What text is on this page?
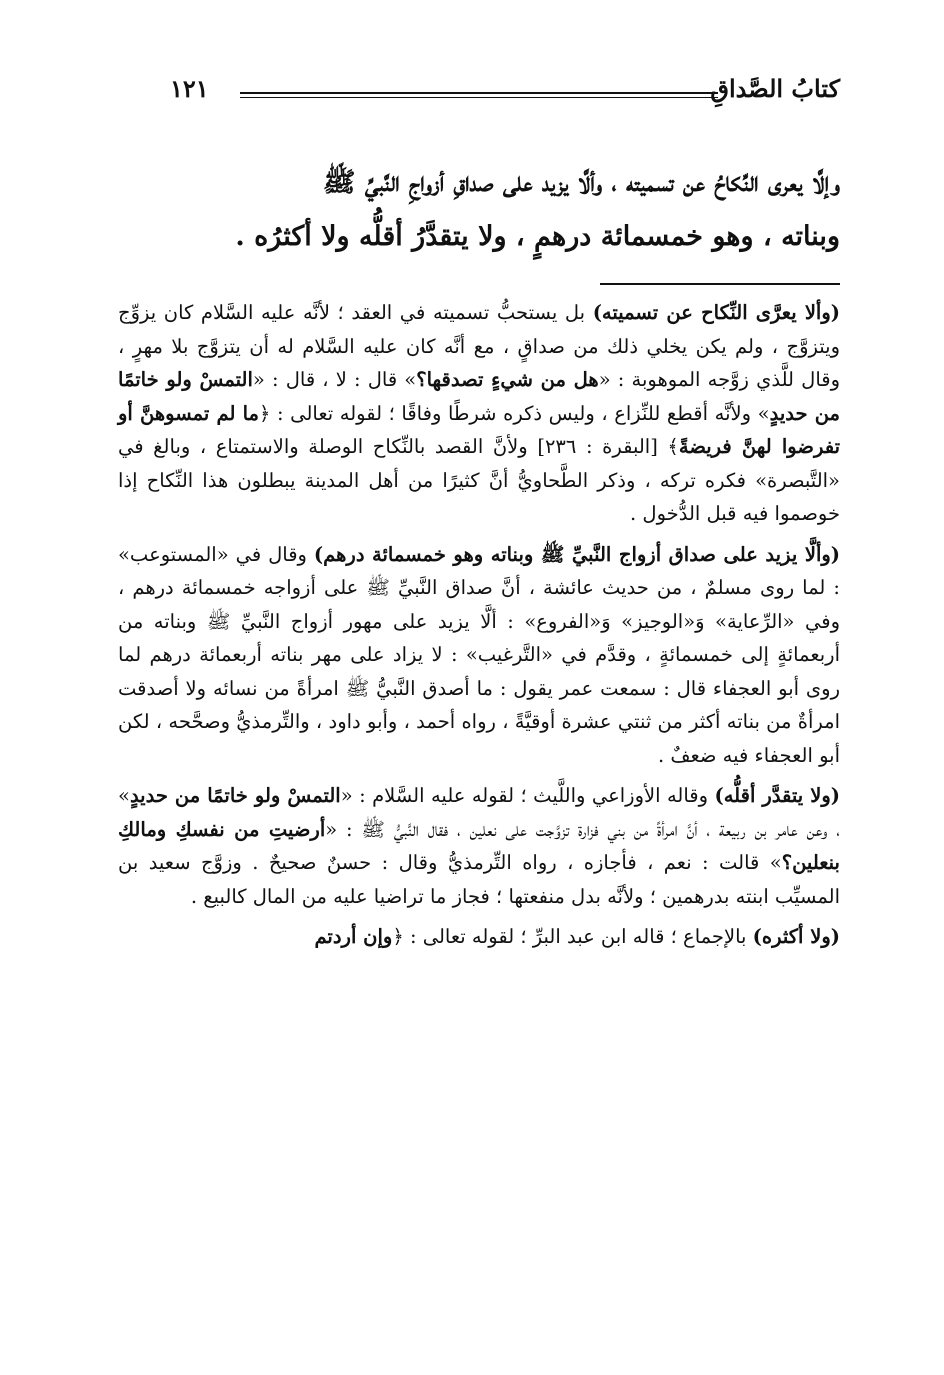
كتابُ الصَّداقِ
١٢١

وإلَّا يعرى النِّكاحُ عن تسميته ، وألَّا يزيد على صداقِ أزواجِ النَّبيِّ ﷺ

وبناته ، وهو خمسمائة درهمٍ ، ولا يتقدَّرُ أقلُّه ولا أكثرُه .

(وألا يعرَّى النِّكاح عن تسميته) بل يستحبُّ تسميته في العقد ؛ لأنَّه عليه السَّلام كان يزوِّج ويتزوَّج ، ولم يكن يخلي ذلك من صداقٍ ، مع أنَّه كان عليه السَّلام له أن يتزوَّج بلا مهرٍ ، وقال للَّذي زوَّجه الموهوبة : «هل من شيءٍ تصدقها؟» قال : لا ، قال : «التمسْ ولو خاتمًا من حديدٍ» ولأنَّه أقطع للنِّزاع ، وليس ذكره شرطًا وفاقًا ؛ لقوله تعالى : ﴿ما لم تمسوهنَّ أو تفرضوا لهنَّ فريضةً﴾ [البقرة : ٢٣٦] ولأنَّ القصد بالنِّكاح الوصلة والاستمتاع ، وبالغ في «التَّبصرة» فكره تركه ، وذكر الطَّحاويُّ أنَّ كثيرًا من أهل المدينة يبطلون هذا النِّكاح إذا خوصموا فيه قبل الدُّخول .

(وألَّا يزيد على صداق أزواج النَّبيِّ ﷺ وبناته وهو خمسمائة درهم) وقال في «المستوعب» : لما روى مسلمٌ ، من حديث عائشة ، أنَّ صداق النَّبيِّ ﷺ على أزواجه خمسمائة درهم ، وفي «الرِّعاية» وَ«الوجيز» وَ«الفروع» : ألَّا يزيد على مهور أزواج النَّبيِّ ﷺ وبناته من أربعمائةٍ إلى خمسمائةٍ ، وقدَّم في «التَّرغيب» : لا يزاد على مهر بناته أربعمائة درهم لما روى أبو العجفاء قال : سمعت عمر يقول : ما أصدق النَّبيُّ ﷺ امرأةً من نسائه ولا أصدقت امرأةٌ من بناته أكثر من ثنتي عشرة أوقيَّةً ، رواه أحمد ، وأبو داود ، والتِّرمذيُّ وصحَّحه ، لكن أبو العجفاء فيه ضعفٌ .

(ولا يتقدَّر أقلُّه) وقاله الأوزاعي واللَّيث ؛ لقوله عليه السَّلام : «التمسْ ولو خاتمًا من حديدٍ» ، وعن عامر بن ربيعة ، أنَّ امرأةً من بني فزارة تزوَّجت على نعلين ، فقال النَّبيُّ ﷺ : «أرضيتِ من نفسكِ ومالكِ بنعلين؟» قالت : نعم ، فأجازه ، رواه التِّرمذيُّ وقال : حسنٌ صحيحٌ . وزوَّج سعيد بن المسيِّب ابنته بدرهمين ؛ ولأنَّه بدل منفعتها ؛ فجاز ما تراضيا عليه من المال كالبيع .

(ولا أكثره) بالإجماع ؛ قاله ابن عبد البرِّ ؛ لقوله تعالى : ﴿وإن أردتم
